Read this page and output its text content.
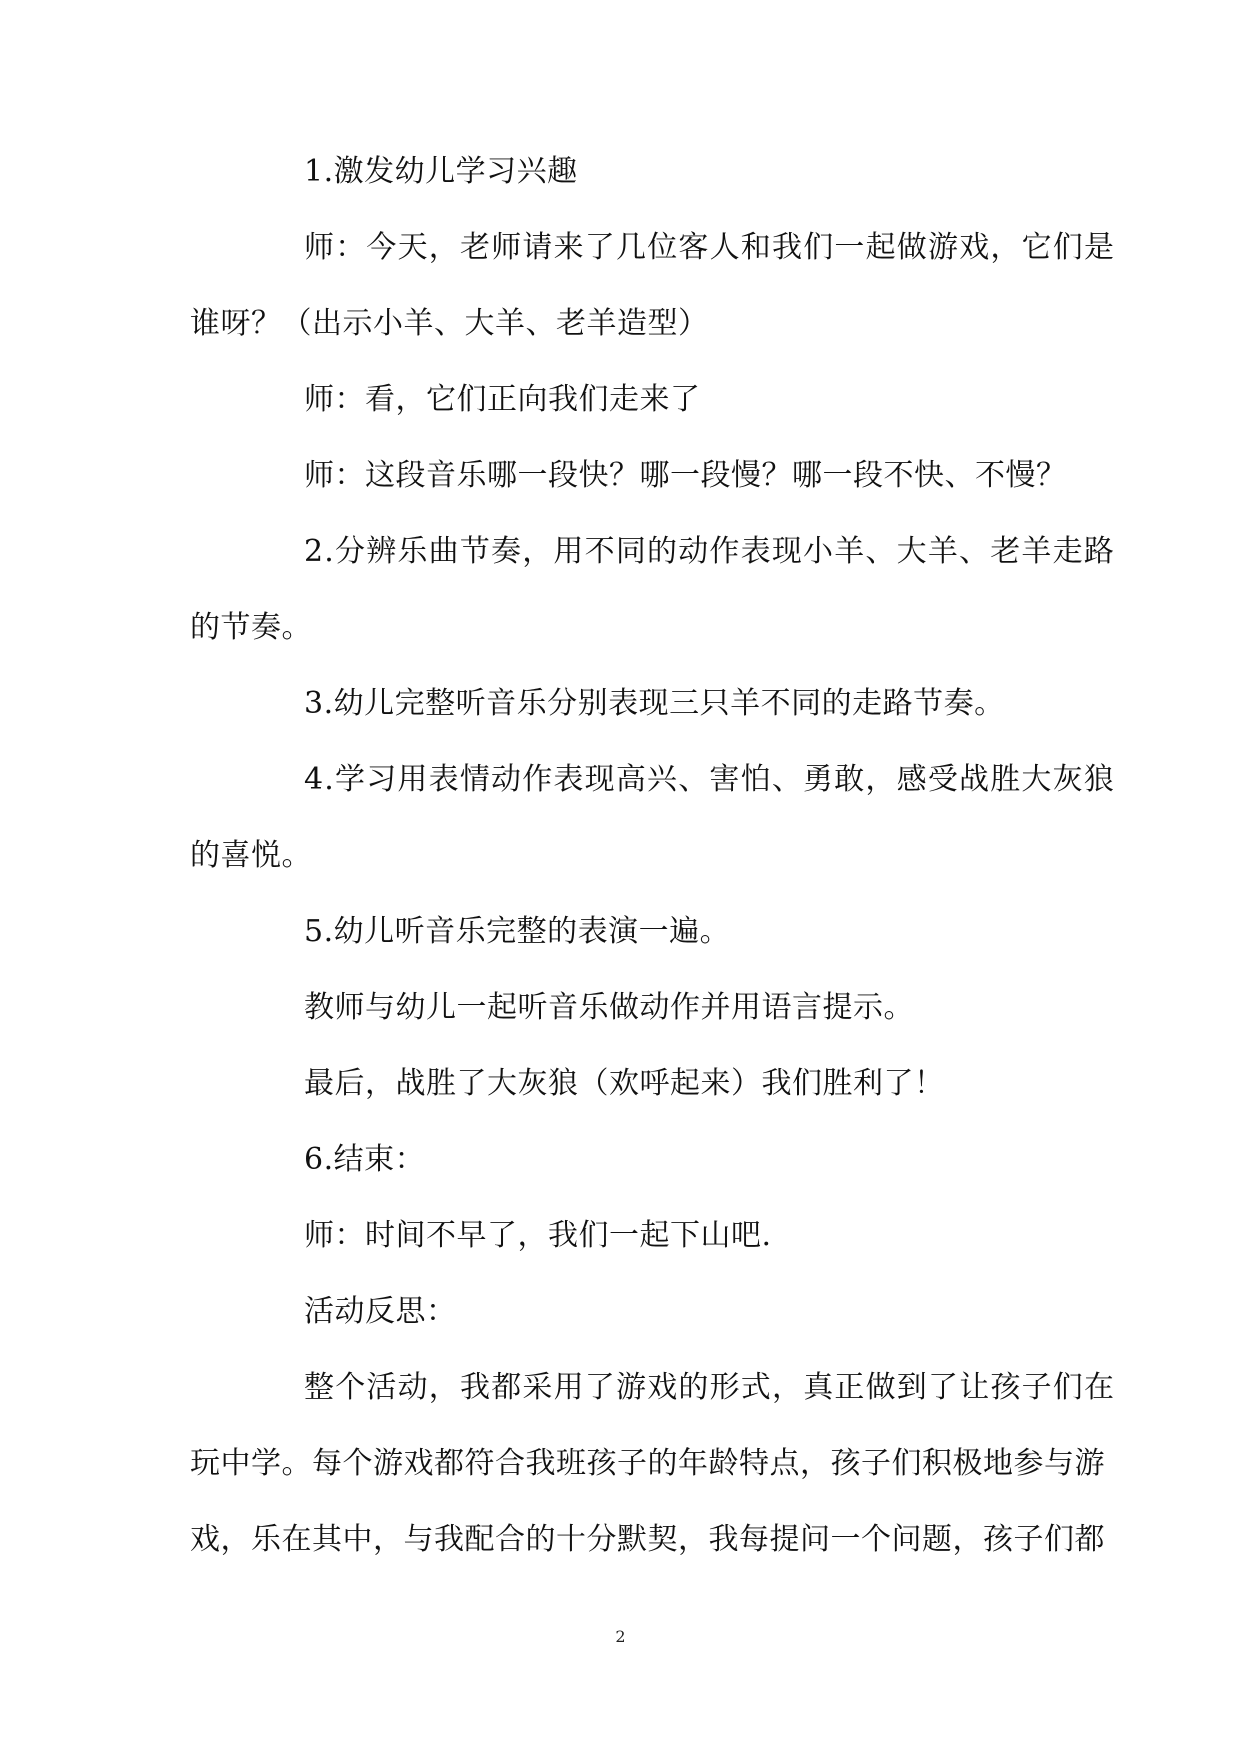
1.激发幼儿学习兴趣
师：今天，老师请来了几位客人和我们一起做游戏，它们是
谁呀？（出示小羊、大羊、老羊造型）
师：看，它们正向我们走来了
师：这段音乐哪一段快？哪一段慢？哪一段不快、不慢？
2.分辨乐曲节奏，用不同的动作表现小羊、大羊、老羊走路
的节奏。
3.幼儿完整听音乐分别表现三只羊不同的走路节奏。
4.学习用表情动作表现高兴、害怕、勇敢，感受战胜大灰狼
的喜悦。
5.幼儿听音乐完整的表演一遍。
教师与幼儿一起听音乐做动作并用语言提示。
最后，战胜了大灰狼（欢呼起来）我们胜利了！
6.结束：
师：时间不早了，我们一起下山吧.
活动反思：
整个活动，我都采用了游戏的形式，真正做到了让孩子们在
玩中学。每个游戏都符合我班孩子的年龄特点，孩子们积极地参与游
戏，乐在其中，与我配合的十分默契，我每提问一个问题，孩子们都
2
